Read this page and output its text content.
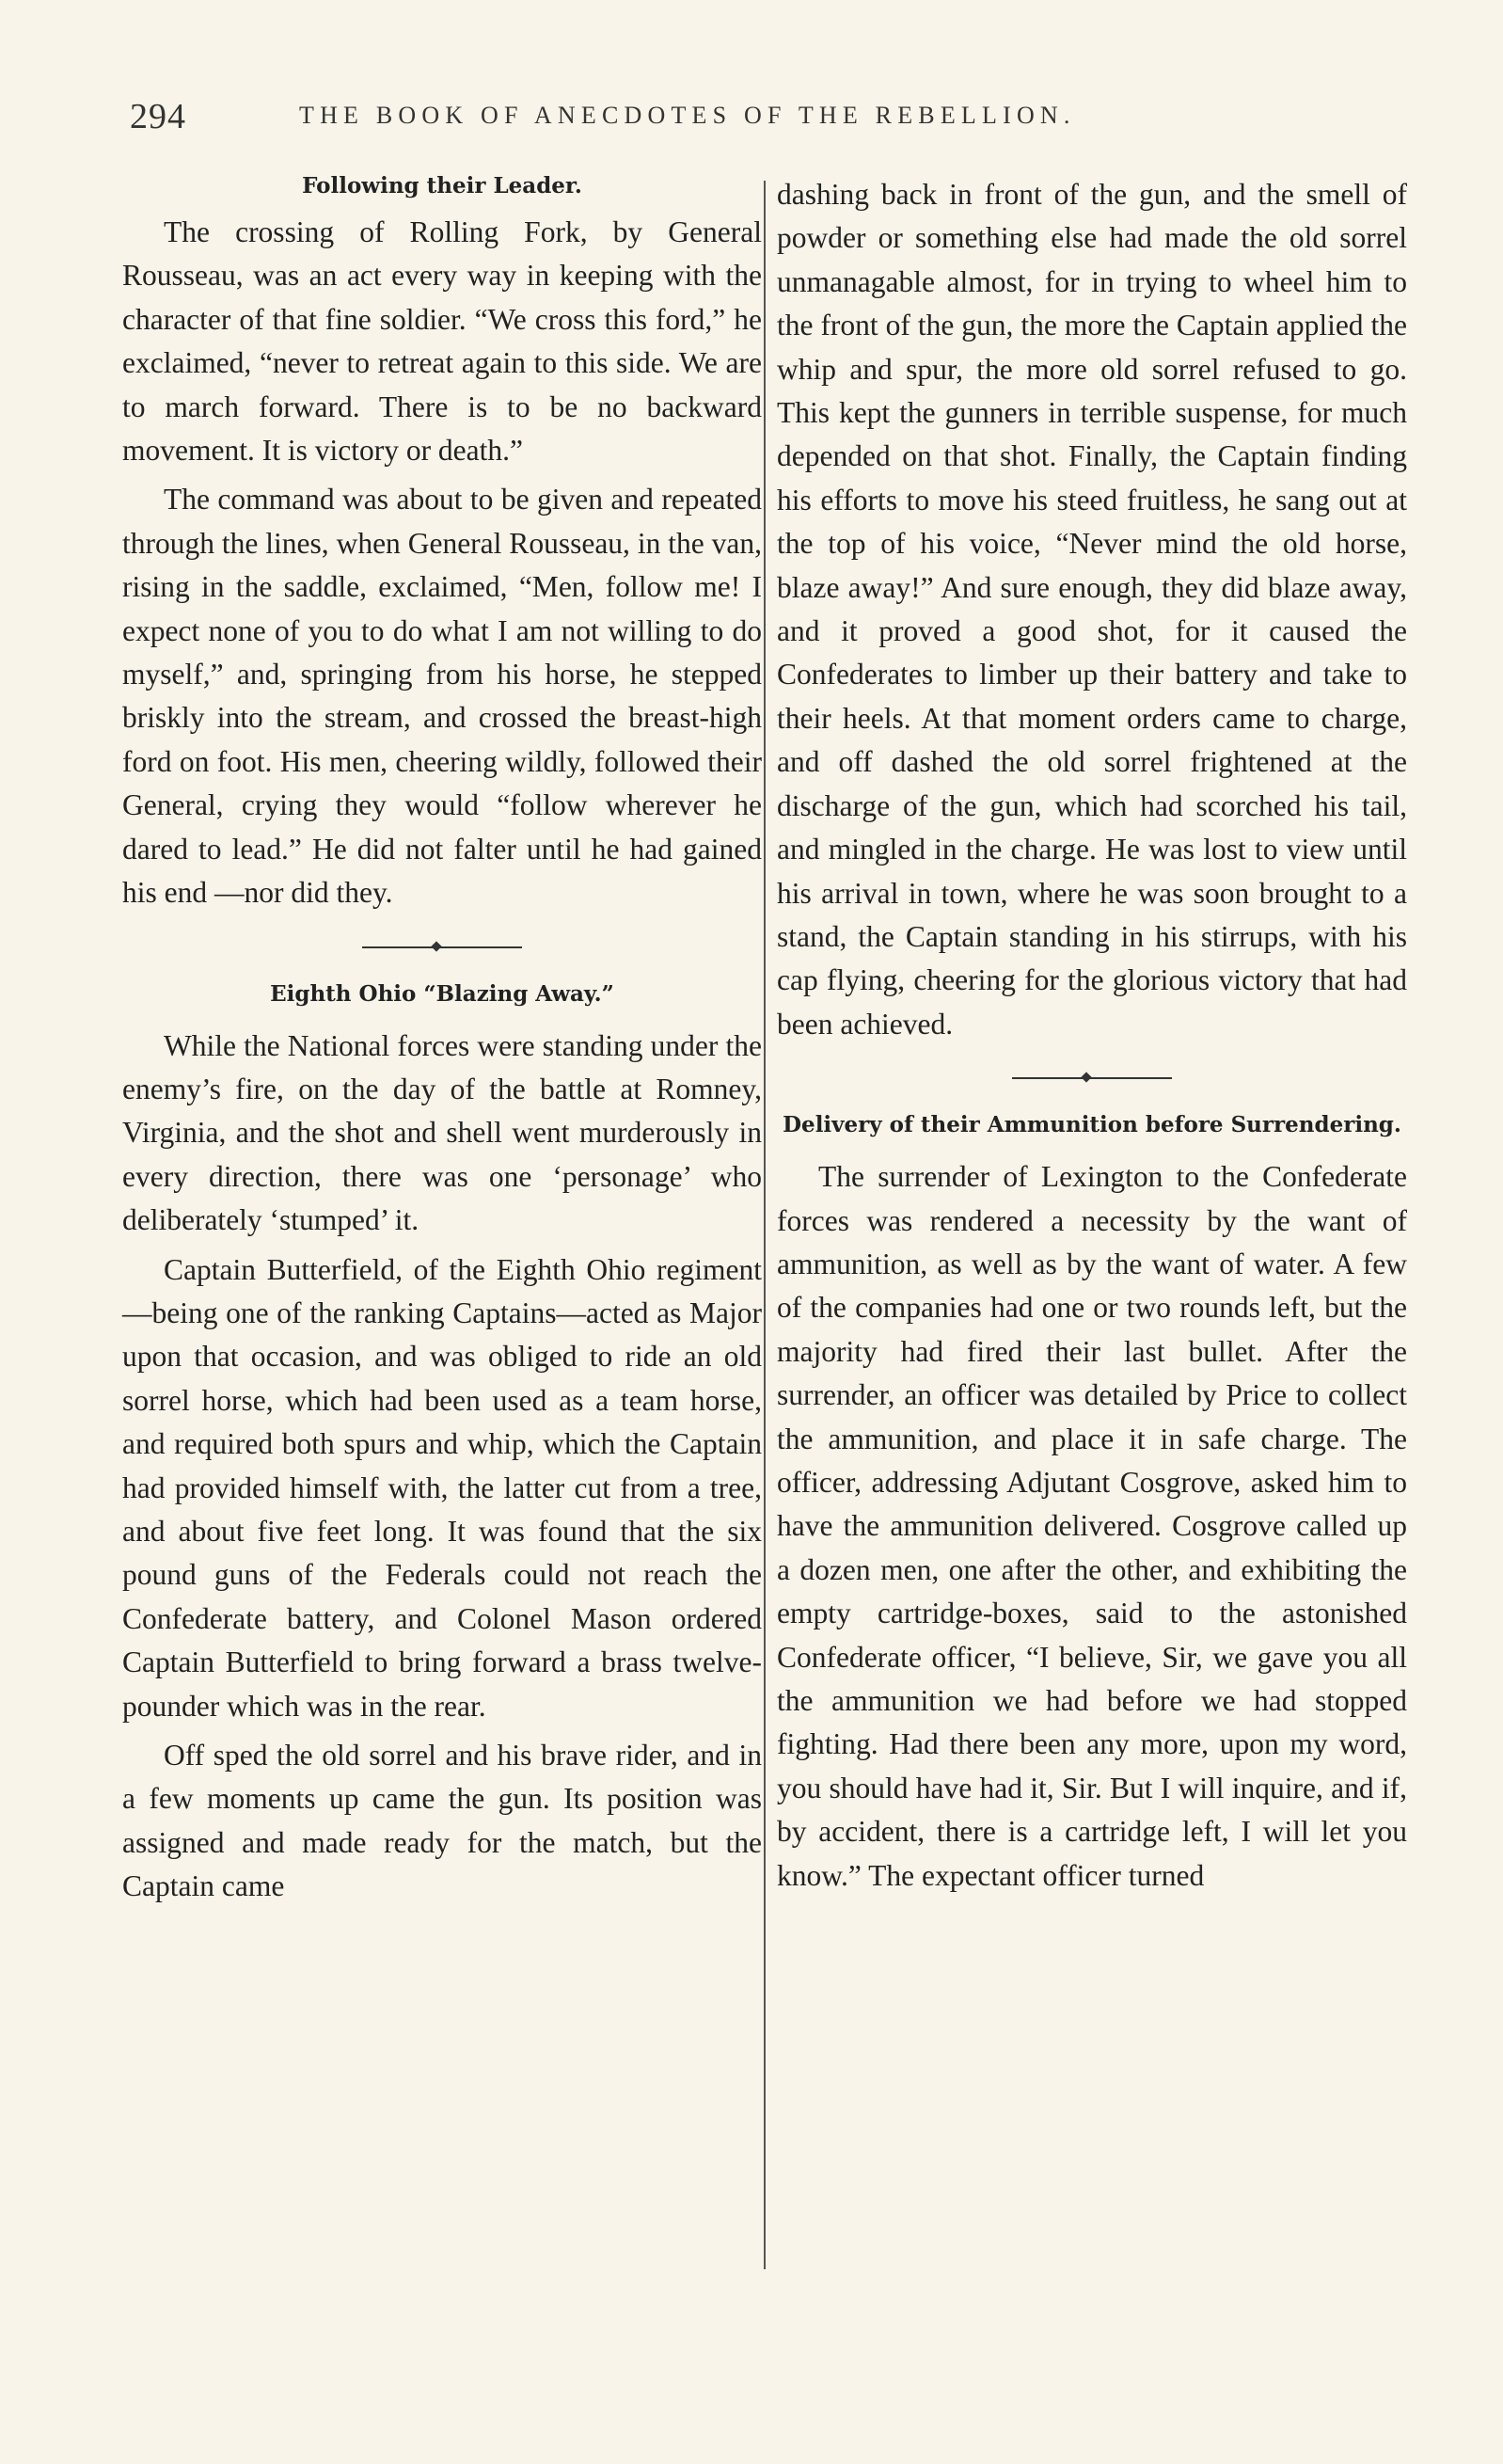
294	THE BOOK OF ANECDOTES OF THE REBELLION.
Following their Leader.

The crossing of Rolling Fork, by General Rousseau, was an act every way in keeping with the character of that fine soldier. “We cross this ford,” he exclaimed, “never to retreat again to this side. We are to march forward. There is to be no backward movement. It is victory or death.”

The command was about to be given and repeated through the lines, when General Rousseau, in the van, rising in the saddle, exclaimed, “Men, follow me! I expect none of you to do what I am not willing to do myself,” and, springing from his horse, he stepped briskly into the stream, and crossed the breast-high ford on foot. His men, cheering wildly, followed their General, crying they would “follow wherever he dared to lead.” He did not falter until he had gained his end —nor did they.

Eighth Ohio “Blazing Away.”

While the National forces were standing under the enemy’s fire, on the day of the battle at Romney, Virginia, and the shot and shell went murderously in every direction, there was one ‘personage’ who deliberately ‘stumped’ it.

Captain Butterfield, of the Eighth Ohio regiment—being one of the ranking Captains—acted as Major upon that occasion, and was obliged to ride an old sorrel horse, which had been used as a team horse, and required both spurs and whip, which the Captain had provided himself with, the latter cut from a tree, and about five feet long. It was found that the six pound guns of the Federals could not reach the Confederate battery, and Colonel Mason ordered Captain Butterfield to bring forward a brass twelve-pounder which was in the rear.

Off sped the old sorrel and his brave rider, and in a few moments up came the gun. Its position was assigned and made ready for the match, but the Captain came

dashing back in front of the gun, and the smell of powder or something else had made the old sorrel unmanagable almost, for in trying to wheel him to the front of the gun, the more the Captain applied the whip and spur, the more old sorrel refused to go. This kept the gunners in terrible suspense, for much depended on that shot. Finally, the Captain finding his efforts to move his steed fruitless, he sang out at the top of his voice, “Never mind the old horse, blaze away!” And sure enough, they did blaze away, and it proved a good shot, for it caused the Confederates to limber up their battery and take to their heels. At that moment orders came to charge, and off dashed the old sorrel frightened at the discharge of the gun, which had scorched his tail, and mingled in the charge. He was lost to view until his arrival in town, where he was soon brought to a stand, the Captain standing in his stirrups, with his cap flying, cheering for the glorious victory that had been achieved.

Delivery of their Ammunition before Surrendering.

The surrender of Lexington to the Confederate forces was rendered a necessity by the want of ammunition, as well as by the want of water. A few of the companies had one or two rounds left, but the majority had fired their last bullet. After the surrender, an officer was detailed by Price to collect the ammunition, and place it in safe charge. The officer, addressing Adjutant Cosgrove, asked him to have the ammunition delivered. Cosgrove called up a dozen men, one after the other, and exhibiting the empty cartridge-boxes, said to the astonished Confederate officer, “I believe, Sir, we gave you all the ammunition we had before we had stopped fighting. Had there been any more, upon my word, you should have had it, Sir. But I will inquire, and if, by accident, there is a cartridge left, I will let you know.” The expectant officer turned
